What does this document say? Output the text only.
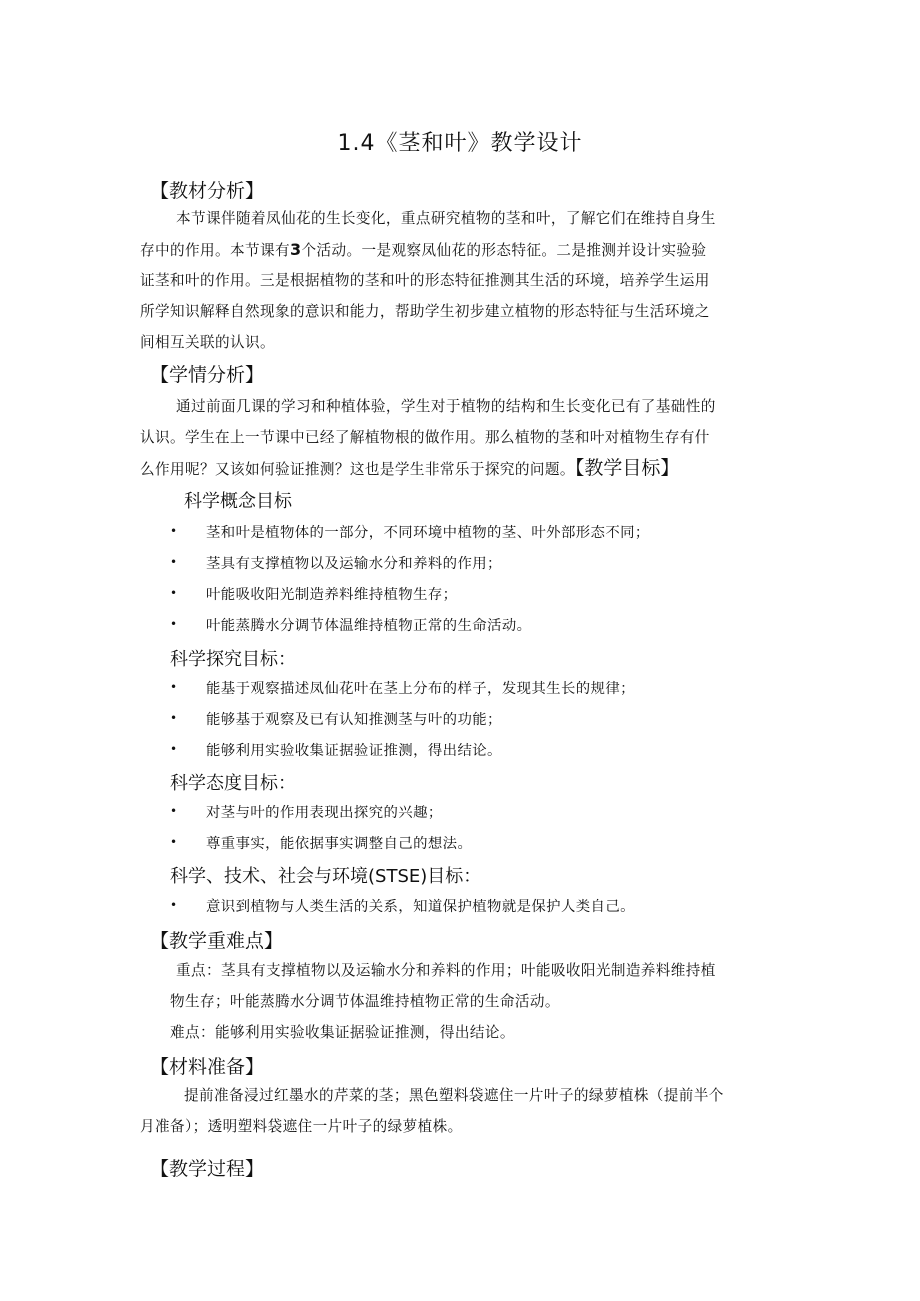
1.4《茎和叶》教学设计
【教材分析】
本节课伴随着凤仙花的生长变化，重点研究植物的茎和叶，了解它们在维持自身生
存中的作用。本节课有3个活动。一是观察凤仙花的形态特征。二是推测并设计实验验
证茎和叶的作用。三是根据植物的茎和叶的形态特征推测其生活的环境，培养学生运用
所学知识解释自然现象的意识和能力，帮助学生初步建立植物的形态特征与生活环境之
间相互关联的认识。
【学情分析】
通过前面几课的学习和种植体验，学生对于植物的结构和生长变化已有了基础性的
认识。学生在上一节课中已经了解植物根的做作用。那么植物的茎和叶对植物生存有什
么作用呢？又该如何验证推测？这也是学生非常乐于探究的问题。【教学目标】
科学概念目标
• 茎和叶是植物体的一部分，不同环境中植物的茎、叶外部形态不同；
• 茎具有支撑植物以及运输水分和养料的作用；
• 叶能吸收阳光制造养料维持植物生存；
• 叶能蒸腾水分调节体温维持植物正常的生命活动。
科学探究目标：
• 能基于观察描述凤仙花叶在茎上分布的样子，发现其生长的规律；
• 能够基于观察及已有认知推测茎与叶的功能；
• 能够利用实验收集证据验证推测，得出结论。
科学态度目标：
• 对茎与叶的作用表现出探究的兴趣；
• 尊重事实，能依据事实调整自己的想法。
科学、技术、社会与环境(STSE)目标：
• 意识到植物与人类生活的关系，知道保护植物就是保护人类自己。
【教学重难点】
重点：茎具有支撑植物以及运输水分和养料的作用；叶能吸收阳光制造养料维持植
物生存；叶能蒸腾水分调节体温维持植物正常的生命活动。
难点：能够利用实验收集证据验证推测，得出结论。
【材料准备】
提前准备浸过红墨水的芹菜的茎；黑色塑料袋遮住一片叶子的绿萝植株（提前半个
月准备）；透明塑料袋遮住一片叶子的绿萝植株。
【教学过程】
